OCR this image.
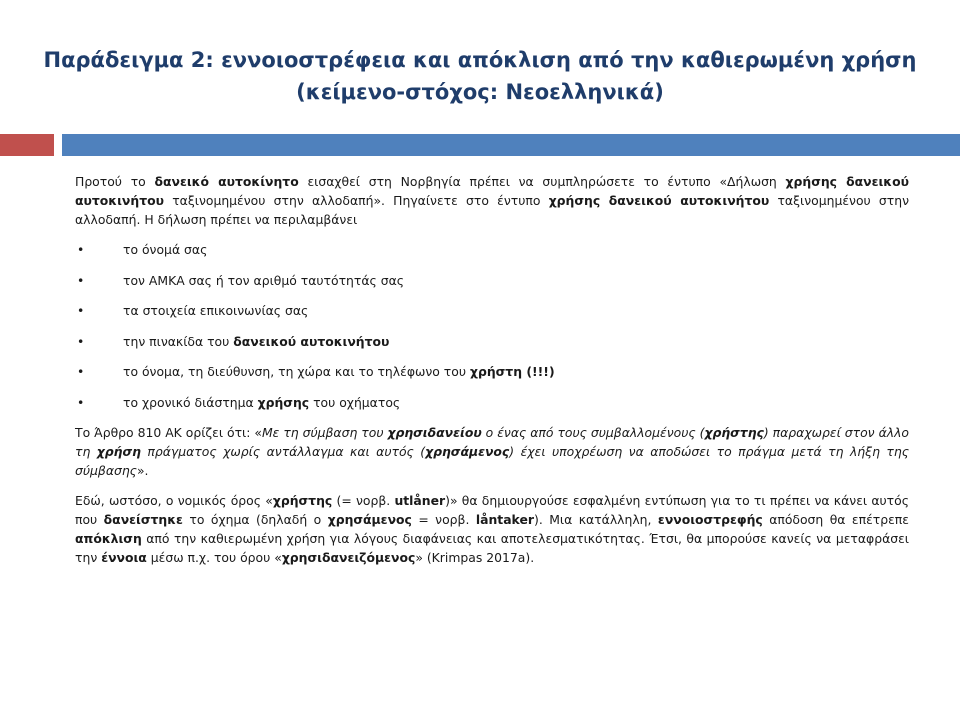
Παράδειγμα 2: εννοιοστρέφεια και απόκλιση από την καθιερωμένη χρήση
(κείμενο-στόχος: Νεοελληνικά)

Προτού το δανεικό αυτοκίνητο εισαχθεί στη Νορβηγία πρέπει να συμπληρώσετε το έντυπο «Δήλωση χρήσης δανεικού αυτοκινήτου ταξινομημένου στην αλλοδαπή». Πηγαίνετε στο έντυπο χρήσης δανεικού αυτοκινήτου ταξινομημένου στην αλλοδαπή. Η δήλωση πρέπει να περιλαμβάνει

•	το όνομά σας
•	τον ΑΜΚΑ σας ή τον αριθμό ταυτότητάς σας
•	τα στοιχεία επικοινωνίας σας
•	την πινακίδα του δανεικού αυτοκινήτου
•	το όνομα, τη διεύθυνση, τη χώρα και το τηλέφωνο του χρήστη (!!!)
•	το χρονικό διάστημα χρήσης του οχήματος

Το Άρθρο 810 ΑΚ ορίζει ότι: «Με τη σύμβαση του χρησιδανείου ο ένας από τους συμβαλλομένους (χρήστης) παραχωρεί στον άλλο τη χρήση πράγματος χωρίς αντάλλαγμα και αυτός (χρησάμενος) έχει υποχρέωση να αποδώσει το πράγμα μετά τη λήξη της σύμβασης».

Εδώ, ωστόσο, ο νομικός όρος «χρήστης (= νορβ. utlåner)» θα δημιουργούσε εσφαλμένη εντύπωση για το τι πρέπει να κάνει αυτός που δανείστηκε το όχημα (δηλαδή ο χρησάμενος = νορβ. låntaker). Μια κατάλληλη, εννοιοστρεφής απόδοση θα επέτρεπε απόκλιση από την καθιερωμένη χρήση για λόγους διαφάνειας και αποτελεσματικότητας. Έτσι, θα μπορούσε κανείς να μεταφράσει την έννοια μέσω π.χ. του όρου «χρησιδανειζόμενος» (Krimpas 2017a).
